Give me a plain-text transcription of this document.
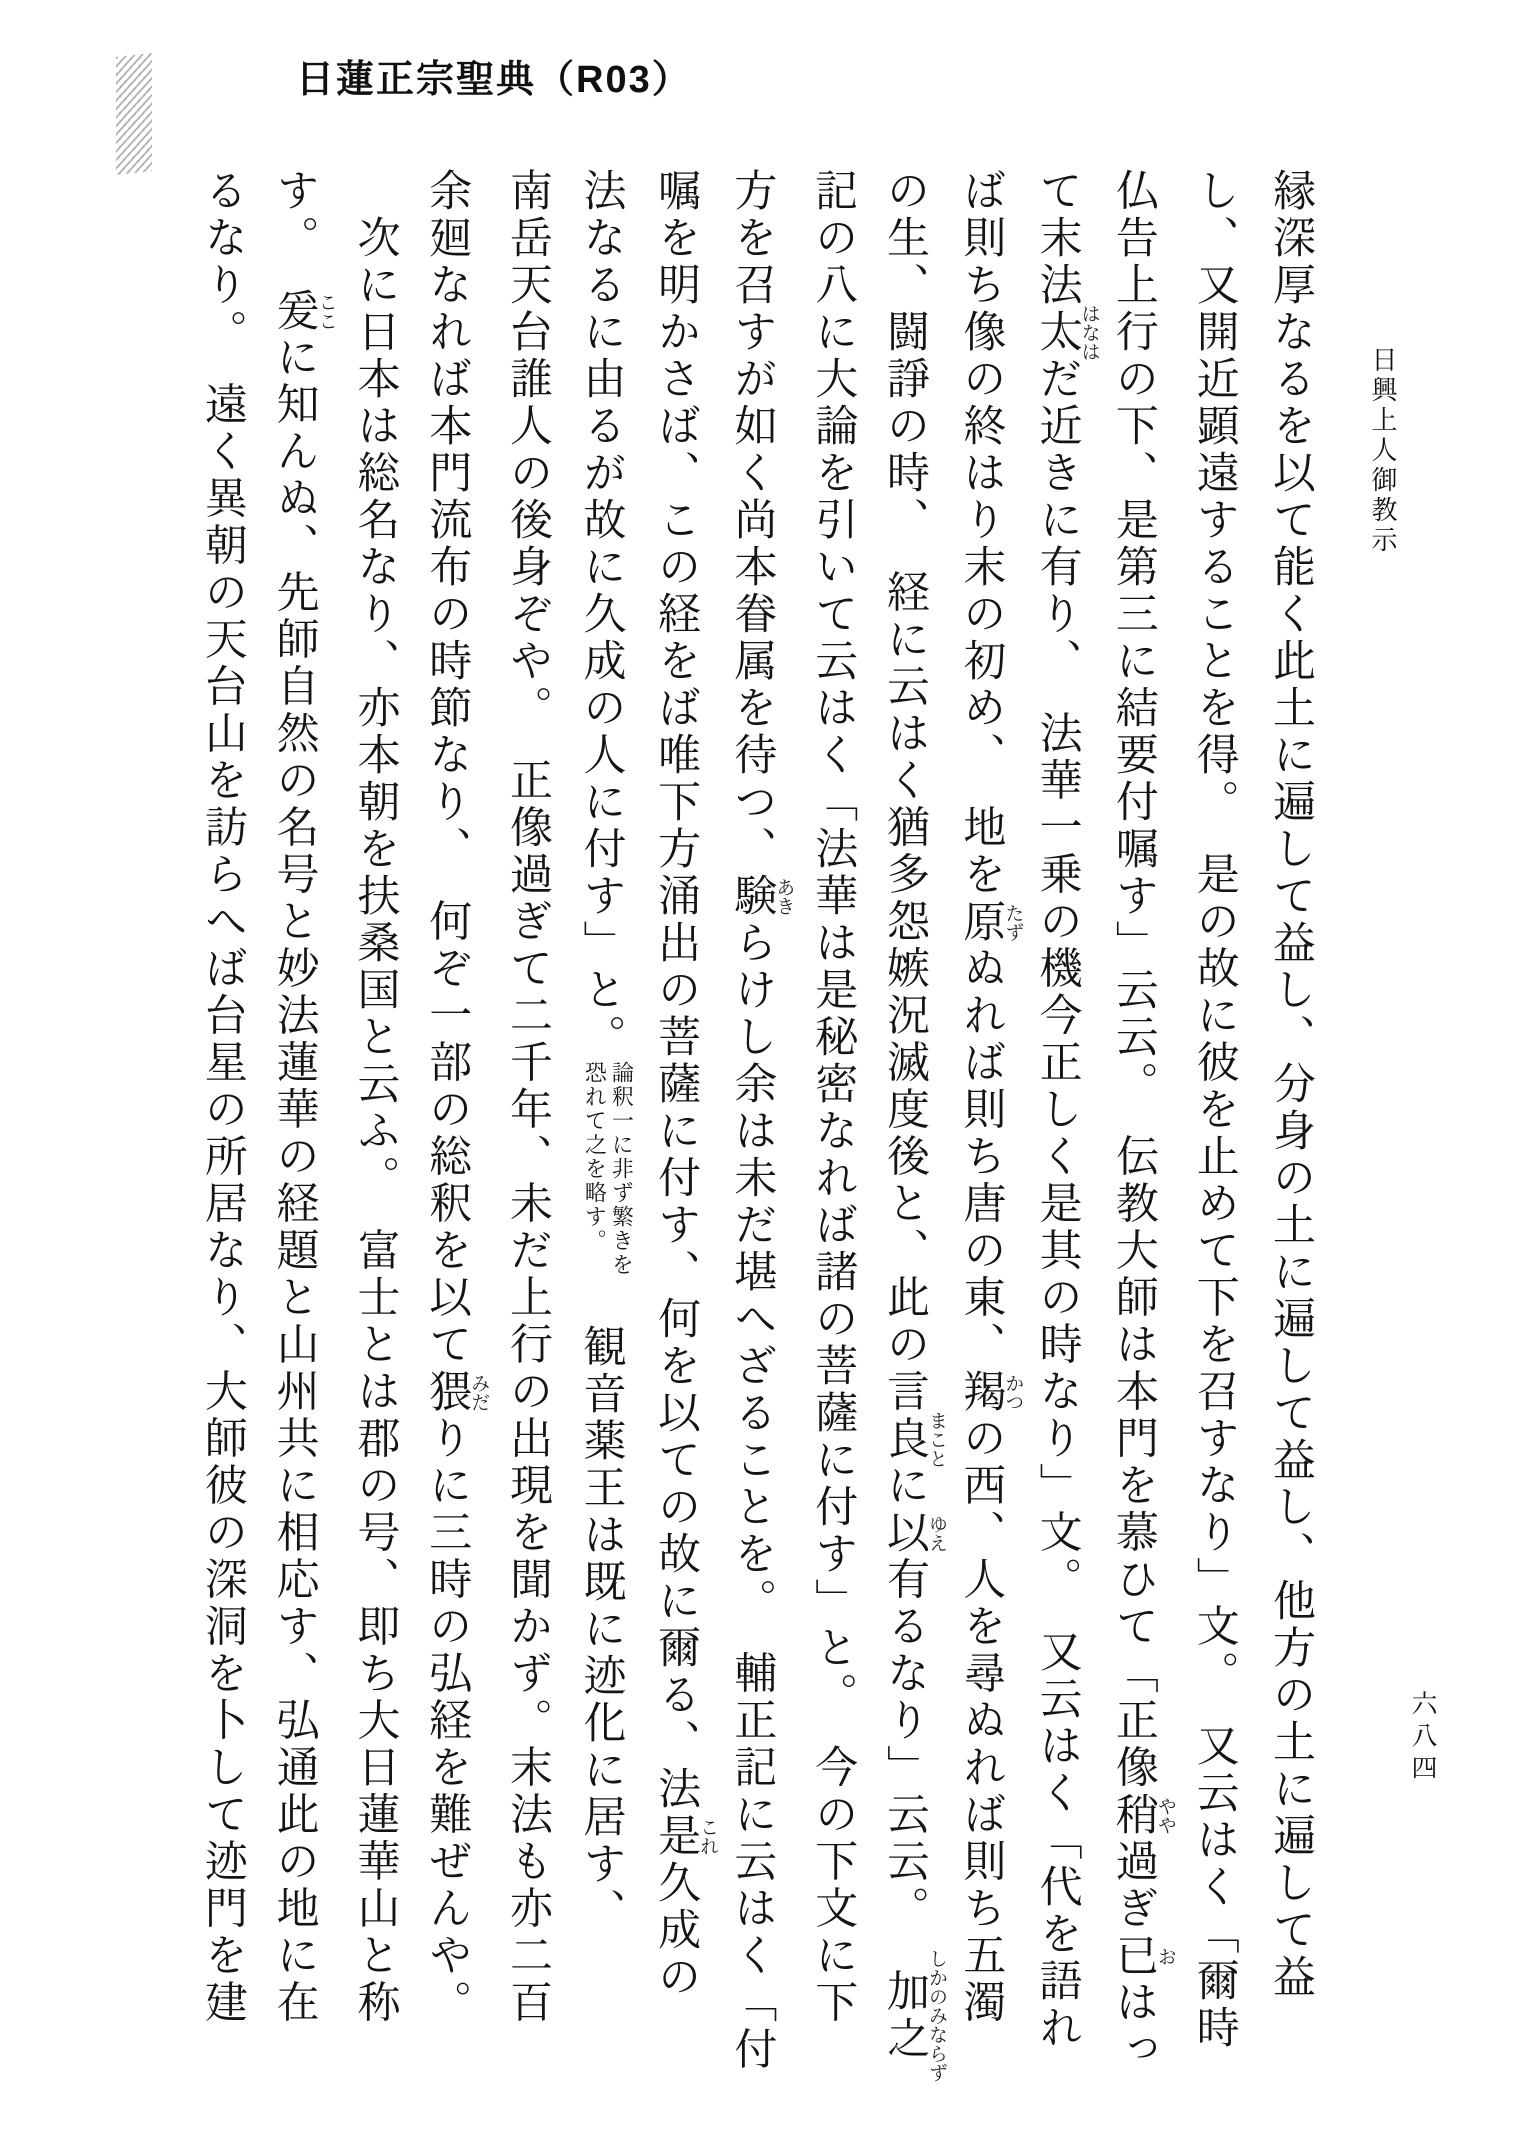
日蓮正宗聖典（R03）
日興上人御教示
六八四
縁深厚なるを以て能く此土に遍して益し、分身の土に遍して益し、他方の土に遍して益
し、又開近顕遠することを得。　是の故に彼を止めて下を召すなり」文。　又云はく「爾時
仏告上行の下、是第三に結要付嘱す」云云。　伝教大師は本門を慕ひて「正像稍やや過ぎ已おはっ
て末法太はなはだ近きに有り、　法華一乗の機今正しく是其の時なり」文。　又云はく「代を語れ
ば則ち像の終はり末の初め、　地を原たずぬれば則ち唐の東、羯かつの西、人を尋ぬれば則ち五濁
の生、闘諍の時、　経に云はく猶多怨嫉況滅度後と、此の言良まことに以ゆえ有るなり」云云。　加之しかのみならず
記の八に大論を引いて云はく「法華は是秘密なれば諸の菩薩に付す」と。　今の下文に下
方を召すが如く尚本眷属を待つ、験あきらけし余は未だ堪へざることを。　輔正記に云はく「付
嘱を明かさば、この経をば唯下方涌出の菩薩に付す、何を以ての故に爾る、法是これ久成の
法なるに由るが故に久成の人に付す」と。
論釈一に非ず繁きを
恐れて之を略す。
　観音薬王は既に迹化に居す、
南岳天台誰人の後身ぞや。　正像過ぎて二千年、未だ上行の出現を聞かず。末法も亦二百
余廻なれば本門流布の時節なり、　何ぞ一部の総釈を以て猥みだりに三時の弘経を難ぜんや。
　次に日本は総名なり、亦本朝を扶桑国と云ふ。　富士とは郡の号、即ち大日蓮華山と称
す。　爰ここに知んぬ、先師自然の名号と妙法蓮華の経題と山州共に相応す、弘通此の地に在
るなり。　遠く異朝の天台山を訪らへば台星の所居なり、大師彼の深洞を卜して迹門を建
